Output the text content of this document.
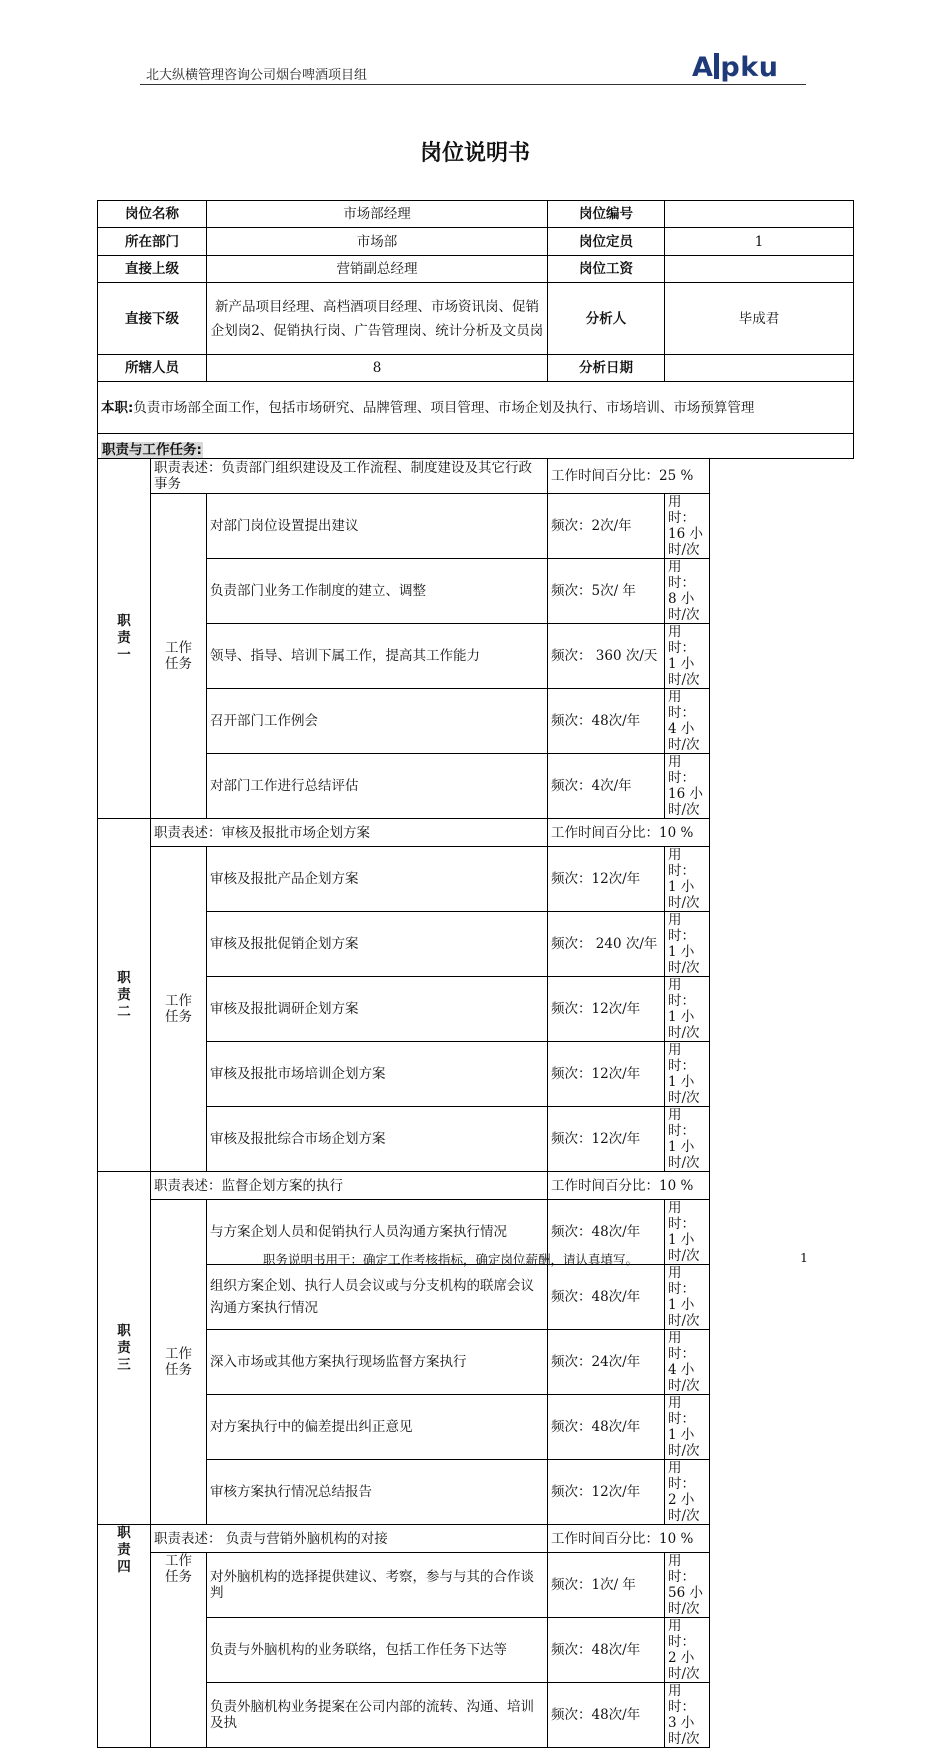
北大纵横管理咨询公司烟台啤酒项目组	A pku
岗位说明书
岗位名称		市场部经理	岗位编号	
所在部门		市场部	岗位定员	1
直接上级		营销副总经理	岗位工资	
直接下级		新产品项目经理、高档酒项目经理、市场资讯岗、促销企划岗2、促销执行岗、广告管理岗、统计分析及文员岗	分析人	毕成君
所辖人员		8	分析日期	
本职:负责市场部全面工作，包括市场研究、品牌管理、项目管理、市场企划及执行、市场培训、市场预算管理				
职责与工作任务:				
职责一	职责表述：负责部门组织建设及工作流程、制度建设及其它行政事务		工作时间百分比：25 %	
	工作任务	对部门岗位设置提出建议	频次：2次/年	用时：16 小时/次
		负责部门业务工作制度的建立、调整	频次：5次/ 年	用时： 8 小时/次
		领导、指导、培训下属工作，提高其工作能力	频次： 360 次/天	用时： 1 小时/次
		召开部门工作例会	频次：48次/年	用时： 4 小时/次
		对部门工作进行总结评估	频次：4次/年	用时：16 小时/次
职责二	职责表述：审核及报批市场企划方案		工作时间百分比：10 %	
	工作任务	审核及报批产品企划方案	频次：12次/年	用时： 1 小时/次
		审核及报批促销企划方案	频次： 240 次/年	用时： 1 小时/次
		审核及报批调研企划方案	频次：12次/年	用时： 1 小时/次
		审核及报批市场培训企划方案	频次：12次/年	用时： 1 小时/次
		审核及报批综合市场企划方案	频次：12次/年	用时： 1 小时/次
职责三	职责表述：监督企划方案的执行		工作时间百分比：10 %	
	工作任务	与方案企划人员和促销执行人员沟通方案执行情况	频次：48次/年	用时： 1 小时/次
		组织方案企划、执行人员会议或与分支机构的联席会议沟通方案执行情况	频次：48次/年	用时： 1 小时/次
		深入市场或其他方案执行现场监督方案执行	频次：24次/年	用时： 4 小时/次
		对方案执行中的偏差提出纠正意见	频次：48次/年	用时： 1 小时/次
		审核方案执行情况总结报告	频次：12次/年	用时： 2 小时/次
职责四	职责表述： 负责与营销外脑机构的对接		工作时间百分比：10 %	
	工作任务	对外脑机构的选择提供建议、考察，参与与其的合作谈判	频次：1次/ 年	用时：56 小时/次
		负责与外脑机构的业务联络，包括工作任务下达等	频次：48次/年	用时： 2 小时/次
		负责外脑机构业务提案在公司内部的流转、沟通、培训及执	频次：48次/年	用时： 3 小时/次
职务说明书用于：确定工作考核指标，确定岗位薪酬，请认真填写。	1
